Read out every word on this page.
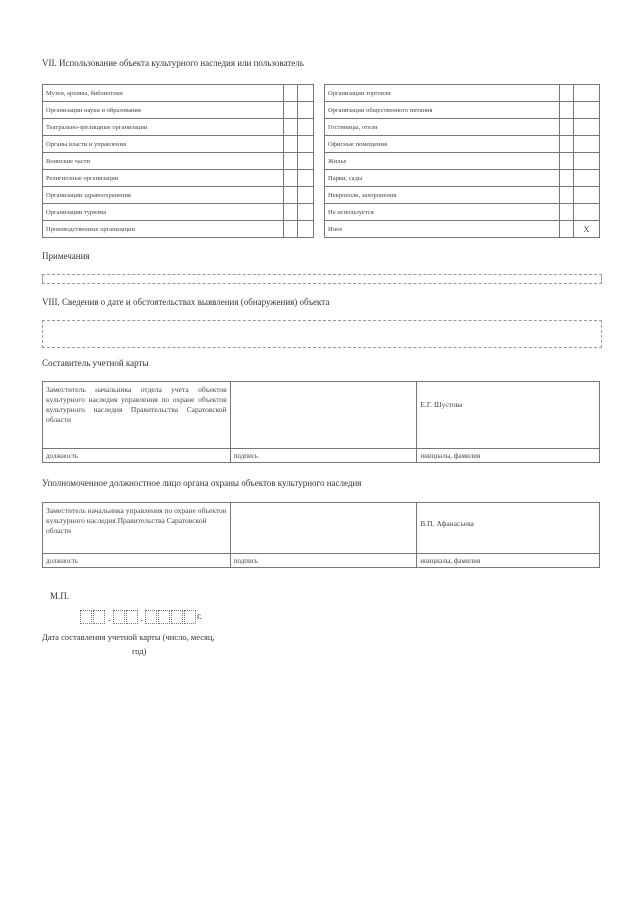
VII. Использование объекта культурного наследия или пользователь
Музеи, архивы, библиотеки		
Организации науки и образования		
Театрально-зрелищные организации		
Органы власти и управления		
Воинские части		
Религиозные организации		
Организации здравоохранения		
Организации туризма		
Производственные организации		
Организации торговли		
Организации общественного питания		
Гостиницы, отели		
Офисные помещения		
Жилье		
Парки, сады		
Некрополи, захоронения		
Не используется		
Иное		X
Примечания
VIII. Сведения о дате и обстоятельствах выявления (обнаружения) объекта
Составитель учетной карты
Заместитель начальника отдела учета объектов культурного наследия управления по охране объектов культурного наследия Правительства Саратовской области		Е.Г. Шустова
должность	подпись	инициалы, фамилия
Уполномоченное должностное лицо органа охраны объектов культурного наследия
Заместитель начальника управления по охране объектов культурного наследия Правительства Саратовской области		В.П. Афанасьева
должность	подпись	инициалы, фамилия
М.П.
.	.	г.
Дата составления учетной карты (число, месяц,
год)
